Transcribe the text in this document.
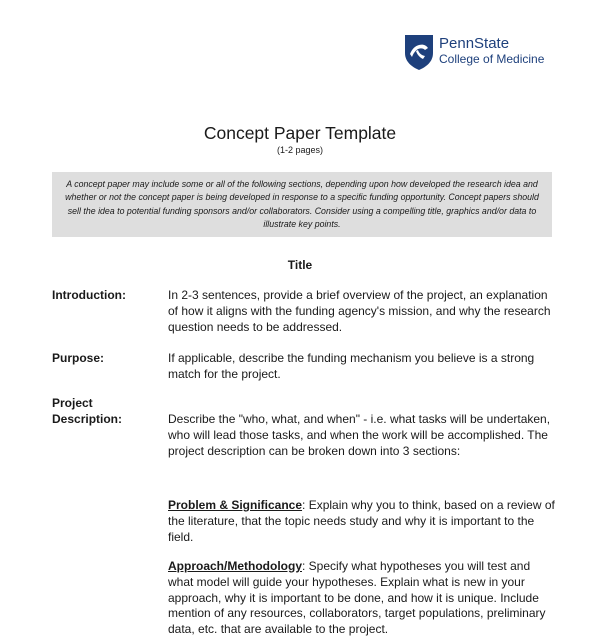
PennState
College of Medicine
Concept Paper Template
(1-2 pages)
A concept paper may include some or all of the following sections, depending upon how developed the research idea and whether or not the concept paper is being developed in response to a specific funding opportunity. Concept papers should sell the idea to potential funding sponsors and/or collaborators. Consider using a compelling title, graphics and/or data to illustrate key points.
Title
Introduction:	In 2-3 sentences, provide a brief overview of the project, an explanation of how it aligns with the funding agency's mission, and why the research question needs to be addressed.
Purpose:	If applicable, describe the funding mechanism you believe is a strong match for the project.
Project
Description:	Describe the "who, what, and when" - i.e. what tasks will be undertaken, who will lead those tasks, and when the work will be accomplished. The project description can be broken down into 3 sections:
Problem & Significance: Explain why you to think, based on a review of the literature, that the topic needs study and why it is important to the field.
Approach/Methodology: Specify what hypotheses you will test and what model will guide your hypotheses. Explain what is new in your approach, why it is important to be done, and how it is unique. Include mention of any resources, collaborators, target populations, preliminary data, etc. that are available to the project.
